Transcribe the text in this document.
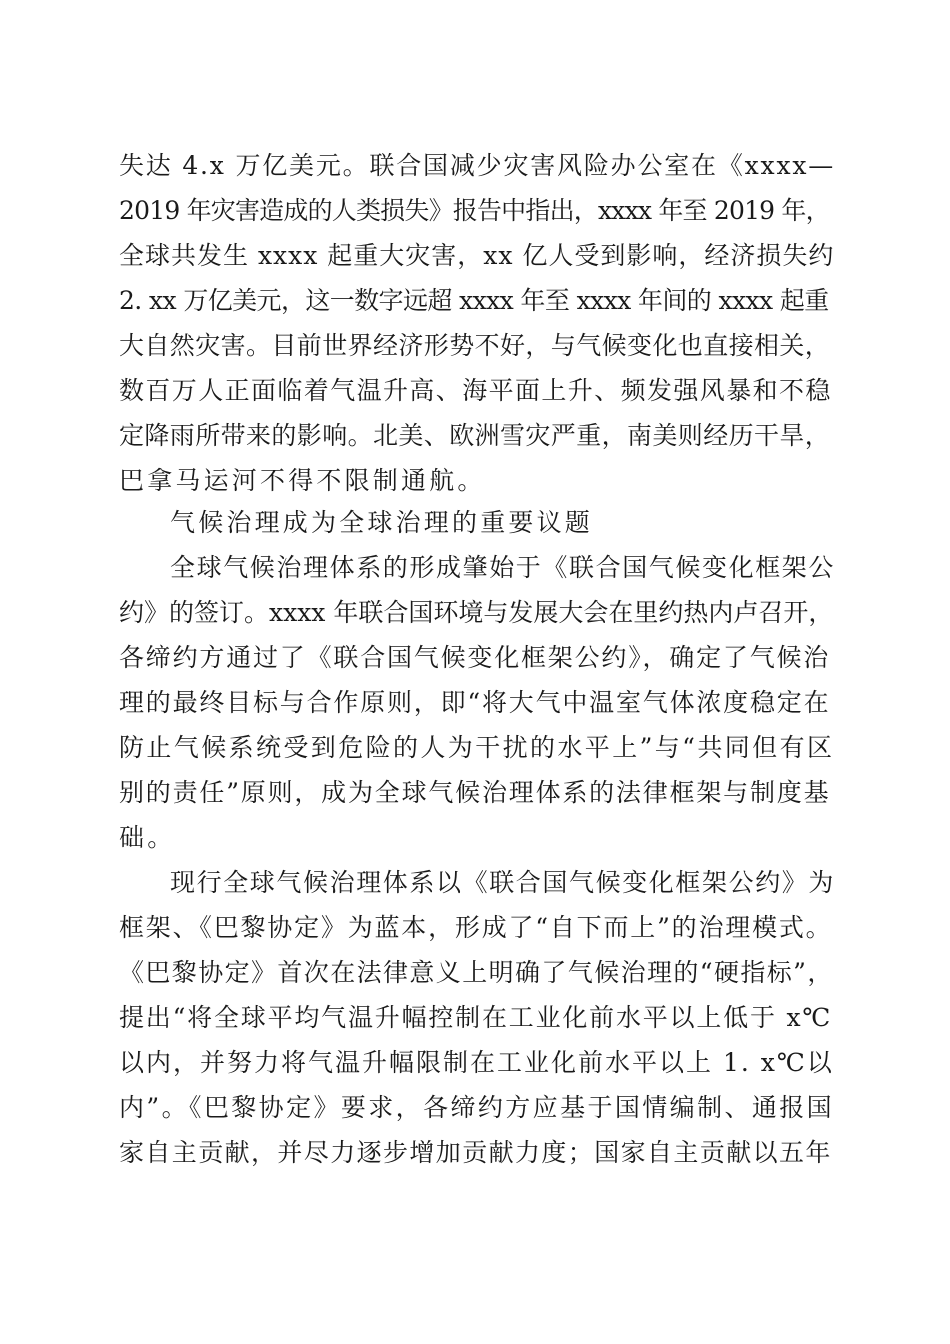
失达 4.x 万亿美元。联合国减少灾害风险办公室在《xxxx—
2019 年灾害造成的人类损失》报告中指出，xxxx 年至 2019 年，
全球共发生 xxxx 起重大灾害，xx 亿人受到影响，经济损失约
2. xx 万亿美元，这一数字远超 xxxx 年至 xxxx 年间的 xxxx 起重
大自然灾害。目前世界经济形势不好，与气候变化也直接相关，
数百万人正面临着气温升高、海平面上升、频发强风暴和不稳
定降雨所带来的影响。北美、欧洲雪灾严重，南美则经历干旱，
巴拿马运河不得不限制通航。
气候治理成为全球治理的重要议题
全球气候治理体系的形成肇始于《联合国气候变化框架公
约》的签订。xxxx 年联合国环境与发展大会在里约热内卢召开，
各缔约方通过了《联合国气候变化框架公约》，确定了气候治
理的最终目标与合作原则，即“将大气中温室气体浓度稳定在
防止气候系统受到危险的人为干扰的水平上”与“共同但有区
别的责任”原则，成为全球气候治理体系的法律框架与制度基
础。
现行全球气候治理体系以《联合国气候变化框架公约》为
框架、《巴黎协定》为蓝本，形成了“自下而上”的治理模式。
《巴黎协定》首次在法律意义上明确了气候治理的“硬指标”，
提出“将全球平均气温升幅控制在工业化前水平以上低于 x℃
以内，并努力将气温升幅限制在工业化前水平以上 1. x℃以
内”。《巴黎协定》要求，各缔约方应基于国情编制、通报国
家自主贡献，并尽力逐步增加贡献力度；国家自主贡献以五年
